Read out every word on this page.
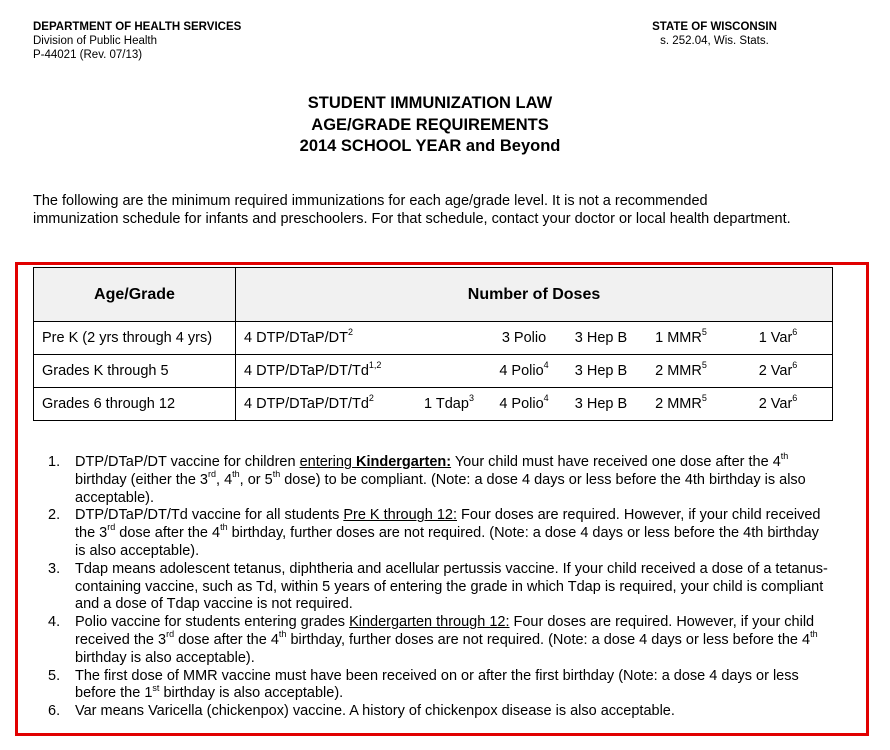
DEPARTMENT OF HEALTH SERVICES
Division of Public Health
P-44021 (Rev. 07/13)
STATE OF WISCONSIN
s. 252.04, Wis. Stats.
STUDENT IMMUNIZATION LAW
AGE/GRADE REQUIREMENTS
2014 SCHOOL YEAR and Beyond
The following are the minimum required immunizations for each age/grade level. It is not a recommended immunization schedule for infants and preschoolers. For that schedule, contact your doctor or local health department.
Age/Grade	Number of Doses					
Pre K (2 yrs through 4 yrs)	4 DTP/$DTaP/DT^2$		3 Polio	3 Hep B	1 MMR$^5$	1 Var$^6$
Grades K through 5	4 DTP/DTaP/DT/Td$^{1,2}$		4 Polio$^4$	3 Hep B	2 MMR$^5$	2 Var$^6$
Grades 6 through 12	4 DTP/DTaP/DT/Td$^2$	1 Tdap$^3$	4 Polio$^4$	3 Hep B	2 MMR$^5$	2 Var$^6$
1. DTP/DTaP/DT vaccine for children entering Kindergarten: Your child must have received one dose after the 4th birthday (either the 3rd, 4th, or 5th dose) to be compliant. (Note: a dose 4 days or less before the 4th birthday is also acceptable).
2. DTP/DTaP/DT/Td vaccine for all students Pre K through 12: Four doses are required. However, if your child received the 3rd dose after the 4th birthday, further doses are not required. (Note: a dose 4 days or less before the 4th birthday is also acceptable).
3. Tdap means adolescent tetanus, diphtheria and acellular pertussis vaccine. If your child received a dose of a tetanus-containing vaccine, such as Td, within 5 years of entering the grade in which Tdap is required, your child is compliant and a dose of Tdap vaccine is not required.
4. Polio vaccine for students entering grades Kindergarten through 12: Four doses are required. However, if your child received the 3rd dose after the 4th birthday, further doses are not required. (Note: a dose 4 days or less before the 4th birthday is also acceptable).
5. The first dose of MMR vaccine must have been received on or after the first birthday (Note: a dose 4 days or less before the 1st birthday is also acceptable).
6. Var means Varicella (chickenpox) vaccine. A history of chickenpox disease is also acceptable.
